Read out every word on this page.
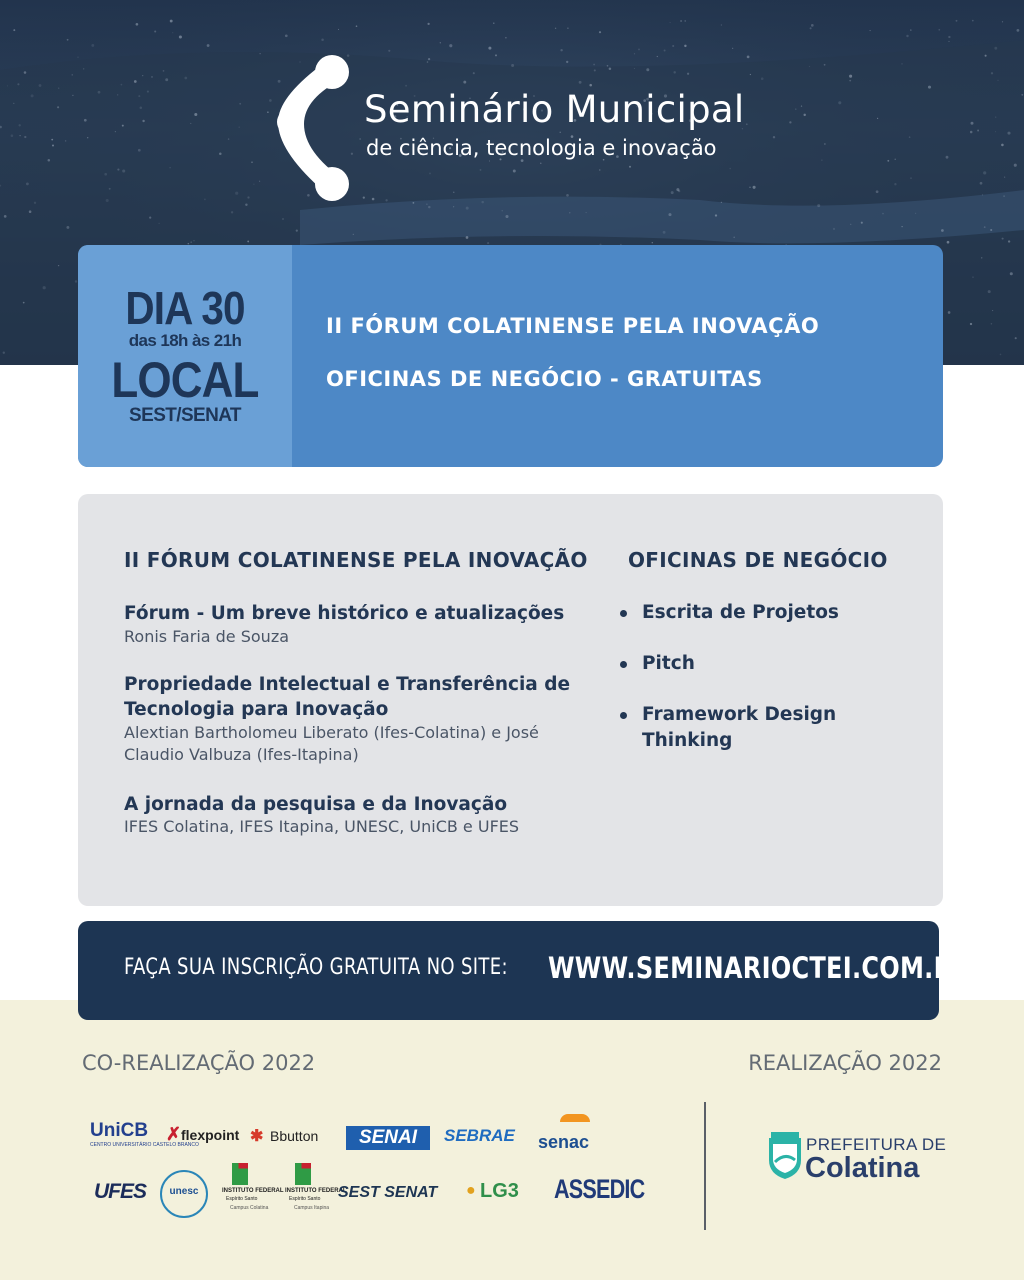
Seminário Municipal
de ciência, tecnologia e inovação
DIA 30
das 18h às 21h
LOCAL
SEST/SENAT
II FÓRUM COLATINENSE PELA INOVAÇÃO
OFICINAS DE NEGÓCIO - GRATUITAS
II FÓRUM COLATINENSE PELA INOVAÇÃO OFICINAS DE NEGÓCIO
Fórum - Um breve histórico e atualizações
Ronis Faria de Souza
Propriedade Intelectual e Transferência de Tecnologia para Inovação
Alextian Bartholomeu Liberato (Ifes-Colatina) e José Claudio Valbuza (Ifes-Itapina)
A jornada da pesquisa e da Inovação
IFES Colatina, IFES Itapina, UNESC, UniCB e UFES
Escrita de Projetos
Pitch
Framework Design Thinking
FAÇA SUA INSCRIÇÃO GRATUITA NO SITE: WWW.SEMINARIOCTEI.COM.BR
CO-REALIZAÇÃO 2022	REALIZAÇÃO 2022
UniCB
CENTRO UNIVERSITÁRIO CASTELO BRANCO
✗ flexpoint ✱ Bbutton	SENAI	SEBRAE senac
UFES	unesc	INSTITUTO FEDERAL
Espírito Santo
Campus Colatina
INSTITUTO FEDERAL
Espírito Santo
Campus Itapina
SEST SENAT ● LG3 ASSEDIC
PREFEITURA DE
Colatina
